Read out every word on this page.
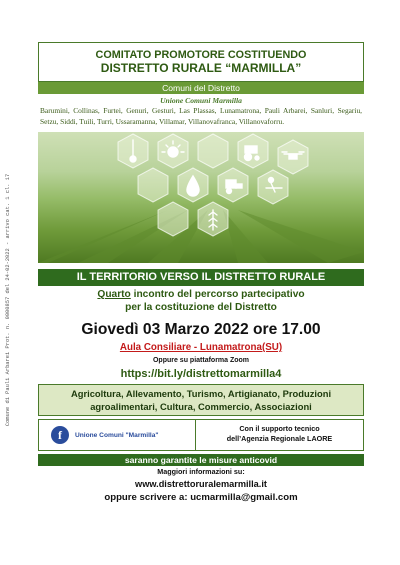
Comune di Pauli Arbarei Prot. n. 0000857 del 24-02-2022 - arrivo cat. 1 cl. 17
COMITATO PROMOTORE COSTITUENDO
DISTRETTO RURALE “MARMILLA”
Comuni del Distretto
Unione Comuni Marmilla
Barumini, Collinas, Furtei, Genuri, Gesturi, Las Plassas, Lunamatrona, Pauli Arbarei, Sanluri, Segariu, Setzu, Siddi, Tuili, Turri, Ussaramanna, Villamar, Villanovafranca, Villanovaforru.
IL TERRITORIO VERSO IL DISTRETTO RURALE
Quarto incontro del percorso partecipativo
per la costituzione del Distretto
Giovedì 03 Marzo 2022 ore 17.00
Aula Consiliare - Lunamatrona(SU)
Oppure su piattaforma Zoom
https://bit.ly/distrettomarmilla4
Agricoltura, Allevamento, Turismo, Artigianato, Produzioni agroalimentari, Cultura, Commercio, Associazioni
f	Unione Comuni "Marmilla"
Con il supporto tecnico
dell’Agenzia Regionale LAORE
saranno garantite le misure anticovid
Maggiori informazioni su:
www.distrettoruralemarmilla.it
oppure scrivere a: ucmarmilla@gmail.com
